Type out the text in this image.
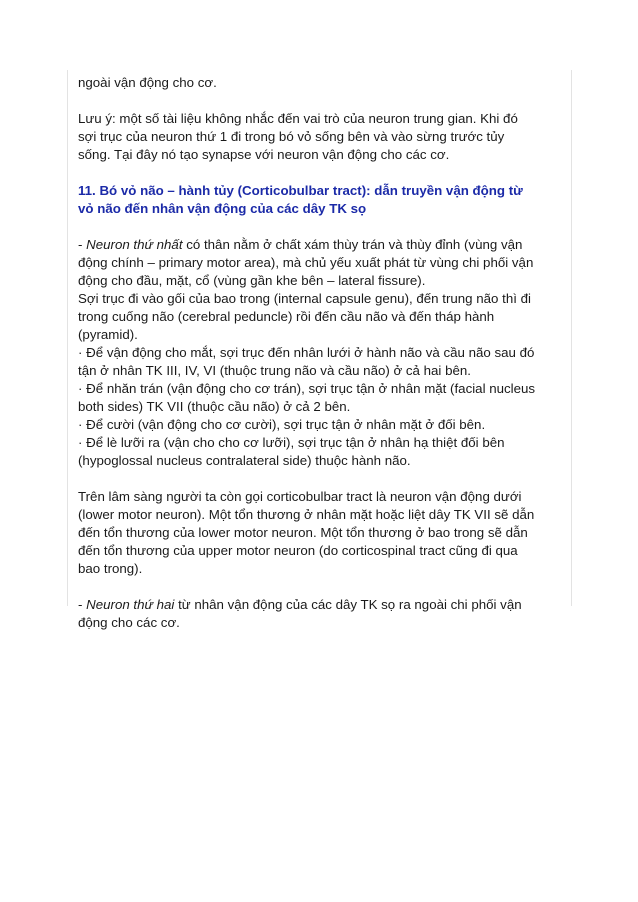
ngoài vận động cho cơ.

Lưu ý: một số tài liệu không nhắc đến vai trò của neuron trung gian. Khi đó
sợi trục của neuron thứ 1 đi trong bó vỏ sống bên và vào sừng trước tủy
sống. Tại đây nó tạo synapse với neuron vận động cho các cơ.

11. Bó vỏ não – hành tủy (Corticobulbar tract): dẫn truyền vận động từ
vỏ não đến nhân vận động của các dây TK sọ

- Neuron thứ nhất có thân nằm ở chất xám thùy trán và thùy đỉnh (vùng vận
động chính – primary motor area), mà chủ yếu xuất phát từ vùng chi phối vận
động cho đầu, mặt, cổ (vùng gần khe bên – lateral fissure).
Sợi trục đi vào gối của bao trong (internal capsule genu), đến trung não thì đi
trong cuống não (cerebral peduncle) rồi đến cầu não và đến tháp hành
(pyramid).
· Để vận động cho mắt, sợi trục đến nhân lưới ở hành não và cầu não sau đó
tận ở nhân TK III, IV, VI (thuộc trung não và cầu não) ở cả hai bên.
· Để nhăn trán (vận động cho cơ trán), sợi trục tận ở nhân mặt (facial nucleus
both sides) TK VII (thuộc cầu não) ở cả 2 bên.
· Để cười (vận động cho cơ cười), sợi trục tận ở nhân mặt ở đối bên.
· Để lè lưỡi ra (vận cho cho cơ lưỡi), sợi trục tận ở nhân hạ thiệt đối bên
(hypoglossal nucleus contralateral side) thuộc hành não.

Trên lâm sàng người ta còn gọi corticobulbar tract là neuron vận động dưới
(lower motor neuron). Một tổn thương ở nhân mặt hoặc liệt dây TK VII sẽ dẫn
đến tổn thương của lower motor neuron. Một tổn thương ở bao trong sẽ dẫn
đến tổn thương của upper motor neuron (do corticospinal tract cũng đi qua
bao trong).

- Neuron thứ hai từ nhân vận động của các dây TK sọ ra ngoài chi phối vận
động cho các cơ.
